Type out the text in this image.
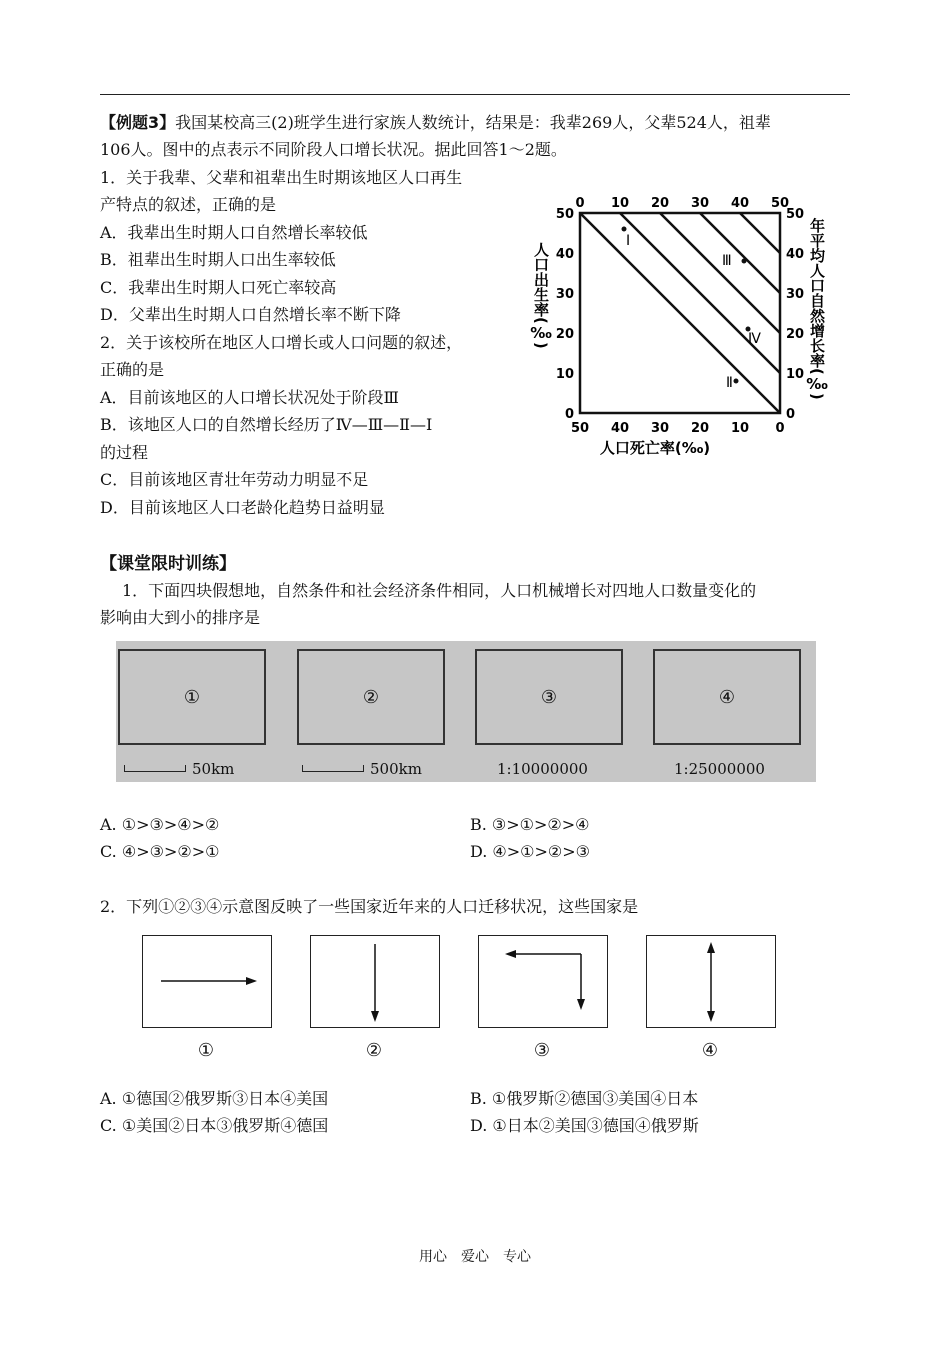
【例题3】我国某校高三(2)班学生进行家族人数统计，结果是：我辈269人，父辈524人，祖辈
106人。图中的点表示不同阶段人口增长状况。据此回答1～2题。
1．关于我辈、父辈和祖辈出生时期该地区人口再生
产特点的叙述，正确的是
A．我辈出生时期人口自然增长率较低
B．祖辈出生时期人口出生率较低
C．我辈出生时期人口死亡率较高
D．父辈出生时期人口自然增长率不断下降
2．关于该校所在地区人口增长或人口问题的叙述，
正确的是
A．目前该地区的人口增长状况处于阶段Ⅲ
B．该地区人口的自然增长经历了Ⅳ—Ⅲ—Ⅱ—Ⅰ
的过程
C．目前该地区青壮年劳动力明显不足
D．目前该地区人口老龄化趋势日益明显
50 40 30 20 10 0
0 10 20 30 40 50
0
10
20
30
40
50
0
10
20
30
40
50
Ⅰ
Ⅱ
Ⅲ
Ⅳ
人口死亡率(‰)
人口出生率(‰)	年平均人口自然增长率(‰)
【课堂限时训练】
1．下面四块假想地，自然条件和社会经济条件相同，人口机械增长对四地人口数量变化的
影响由大到小的排序是
①	②	③	④
50km	500km	1:10000000	1:25000000
A. ①>③>④>②	B. ③>①>②>④
C. ④>③>②>①	D. ④>①>②>③
2．下列①②③④示意图反映了一些国家近年来的人口迁移状况，这些国家是
①	②	③	④
A. ①德国②俄罗斯③日本④美国	B. ①俄罗斯②德国③美国④日本
C. ①美国②日本③俄罗斯④德国	D. ①日本②美国③德国④俄罗斯
用心　爱心　专心
